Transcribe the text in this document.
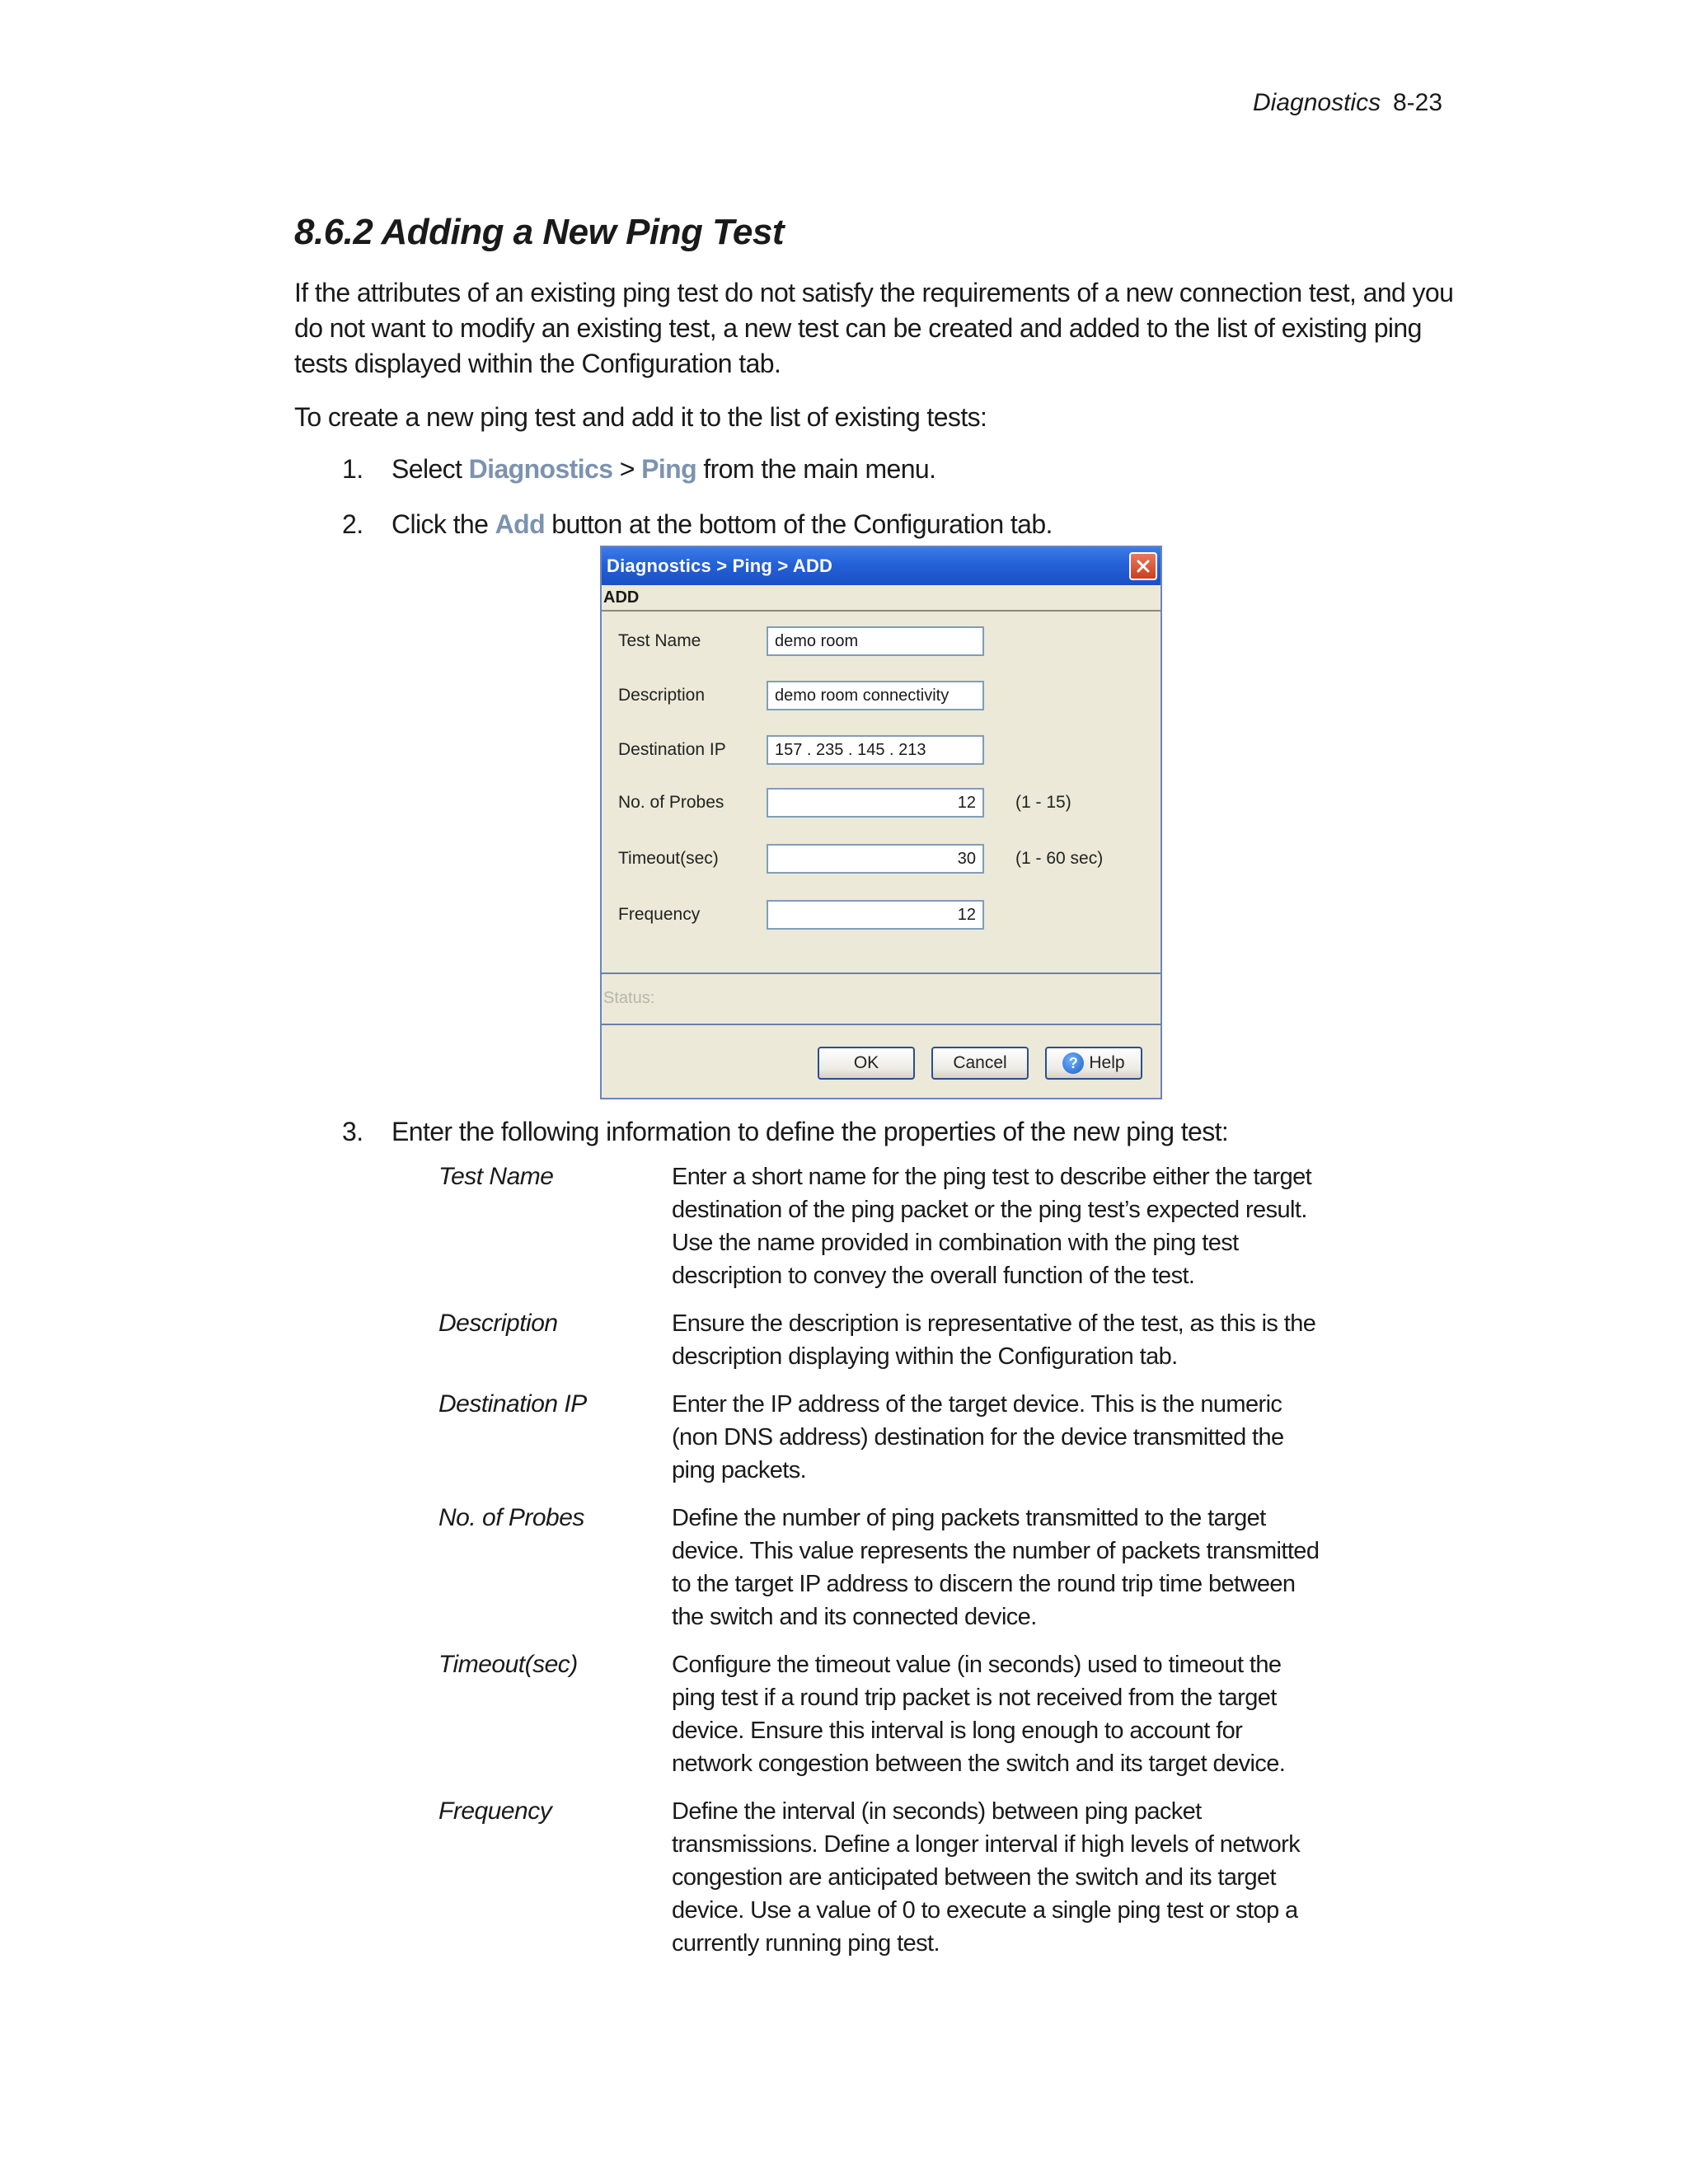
Diagnostics 8-23
8.6.2 Adding a New Ping Test

If the attributes of an existing ping test do not satisfy the requirements of a new connection test, and you do not want to modify an existing test, a new test can be created and added to the list of existing ping tests displayed within the Configuration tab.

To create a new ping test and add it to the list of existing tests:

1. Select Diagnostics > Ping from the main menu.
2. Click the Add button at the bottom of the Configuration tab.
Diagnostics > Ping > ADD
ADD
Test Name	demo room
Description	demo room connectivity
Destination IP	157 . 235 . 145 . 213
No. of Probes	12	(1 - 15)
Timeout(sec)	30	(1 - 60 sec)
Frequency	12
Status:
OK	Cancel	? Help
3. Enter the following information to define the properties of the new ping test:
Test Name	Enter a short name for the ping test to describe either the target destination of the ping packet or the ping test’s expected result. Use the name provided in combination with the ping test description to convey the overall function of the test.
Description	Ensure the description is representative of the test, as this is the description displaying within the Configuration tab.
Destination IP	Enter the IP address of the target device. This is the numeric (non DNS address) destination for the device transmitted the ping packets.
No. of Probes	Define the number of ping packets transmitted to the target device. This value represents the number of packets transmitted to the target IP address to discern the round trip time between the switch and its connected device.
Timeout(sec)	Configure the timeout value (in seconds) used to timeout the ping test if a round trip packet is not received from the target device. Ensure this interval is long enough to account for network congestion between the switch and its target device.
Frequency	Define the interval (in seconds) between ping packet transmissions. Define a longer interval if high levels of network congestion are anticipated between the switch and its target device. Use a value of 0 to execute a single ping test or stop a currently running ping test.
